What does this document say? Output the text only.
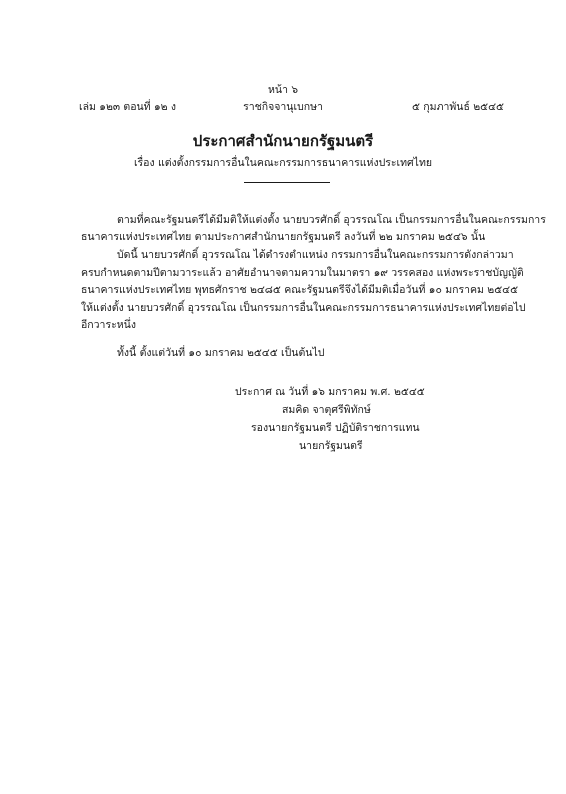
หน้า ๖
เล่ม ๑๒๓ ตอนที่ ๑๒ ง	ราชกิจจานุเบกษา	๕ กุมภาพันธ์ ๒๕๔๕
ประกาศสำนักนายกรัฐมนตรี
เรื่อง แต่งตั้งกรรมการอื่นในคณะกรรมการธนาคารแห่งประเทศไทย
ตามที่คณะรัฐมนตรีได้มีมติให้แต่งตั้ง นายบวรศักดิ์ อุวรรณโณ เป็นกรรมการอื่นในคณะกรรมการ
ธนาคารแห่งประเทศไทย ตามประกาศสำนักนายกรัฐมนตรี ลงวันที่ ๒๒ มกราคม ๒๕๔๖ นั้น
บัดนี้ นายบวรศักดิ์ อุวรรณโณ ได้ดำรงตำแหน่ง กรรมการอื่นในคณะกรรมการดังกล่าวมา
ครบกำหนดตามปีตามวาระแล้ว อาศัยอำนาจตามความในมาตรา ๑๙ วรรคสอง แห่งพระราชบัญญัติ
ธนาคารแห่งประเทศไทย พุทธศักราช ๒๔๘๕ คณะรัฐมนตรีจึงได้มีมติเมื่อวันที่ ๑๐ มกราคม ๒๕๔๕
ให้แต่งตั้ง นายบวรศักดิ์ อุวรรณโณ เป็นกรรมการอื่นในคณะกรรมการธนาคารแห่งประเทศไทยต่อไป
อีกวาระหนึ่ง
ทั้งนี้ ตั้งแต่วันที่ ๑๐ มกราคม ๒๕๔๕ เป็นต้นไป
ประกาศ ณ วันที่ ๑๖ มกราคม พ.ศ. ๒๕๔๕
สมคิด จาตุศรีพิทักษ์
รองนายกรัฐมนตรี ปฏิบัติราชการแทน
นายกรัฐมนตรี
